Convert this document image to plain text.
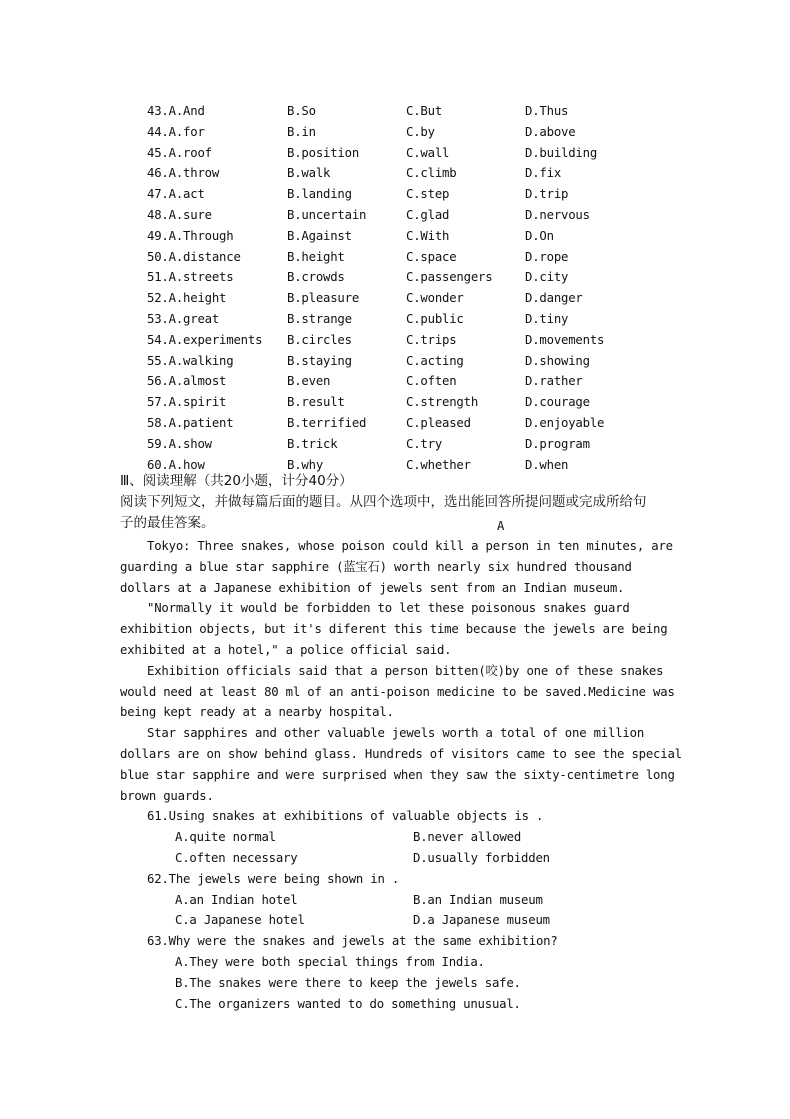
43.A.And	B.So	C.But	D.Thus
44.A.for	B.in	C.by	D.above
45.A.roof	B.position	C.wall	D.building
46.A.throw	B.walk	C.climb	D.fix
47.A.act	B.landing	C.step	D.trip
48.A.sure	B.uncertain	C.glad	D.nervous
49.A.Through	B.Against	C.With	D.On
50.A.distance	B.height	C.space	D.rope
51.A.streets	B.crowds	C.passengers	D.city
52.A.height	B.pleasure	C.wonder	D.danger
53.A.great	B.strange	C.public	D.tiny
54.A.experiments B.circles	C.trips	D.movements
55.A.walking	B.staying	C.acting	D.showing
56.A.almost	B.even	C.often	D.rather
57.A.spirit	B.result	C.strength	D.courage
58.A.patient	B.terrified	C.pleased	D.enjoyable
59.A.show	B.trick	C.try	D.program
60.A.how	B.why	C.whether	D.when
Ⅲ、阅读理解（共20小题，计分40分）
阅读下列短文，并做每篇后面的题目。从四个选项中，选出能回答所提问题或完成所给句
子的最佳答案。	A
Tokyo: Three snakes, whose poison could kill a person in ten minutes, are
guarding a blue star sapphire (蓝宝石) worth nearly six hundred thousand
dollars at a Japanese exhibition of jewels sent from an Indian museum.
"Normally it would be forbidden to let these poisonous snakes guard
exhibition objects, but it's diferent this time because the jewels are being
exhibited at a hotel," a police official said.
Exhibition officials said that a person bitten(咬)by one of these snakes
would need at least 80 ml of an anti-poison medicine to be saved.Medicine was
being kept ready at a nearby hospital.
Star sapphires and other valuable jewels worth a total of one million
dollars are on show behind glass. Hundreds of visitors came to see the special
blue star sapphire and were surprised when they saw the sixty-centimetre long
brown guards.
61.Using snakes at exhibitions of valuable objects is .
A.quite normal	B.never allowed
C.often necessary	D.usually forbidden
62.The jewels were being shown in .
A.an Indian hotel	B.an Indian museum
C.a Japanese hotel	D.a Japanese museum
63.Why were the snakes and jewels at the same exhibition?
A.They were both special things from India.
B.The snakes were there to keep the jewels safe.
C.The organizers wanted to do something unusual.
